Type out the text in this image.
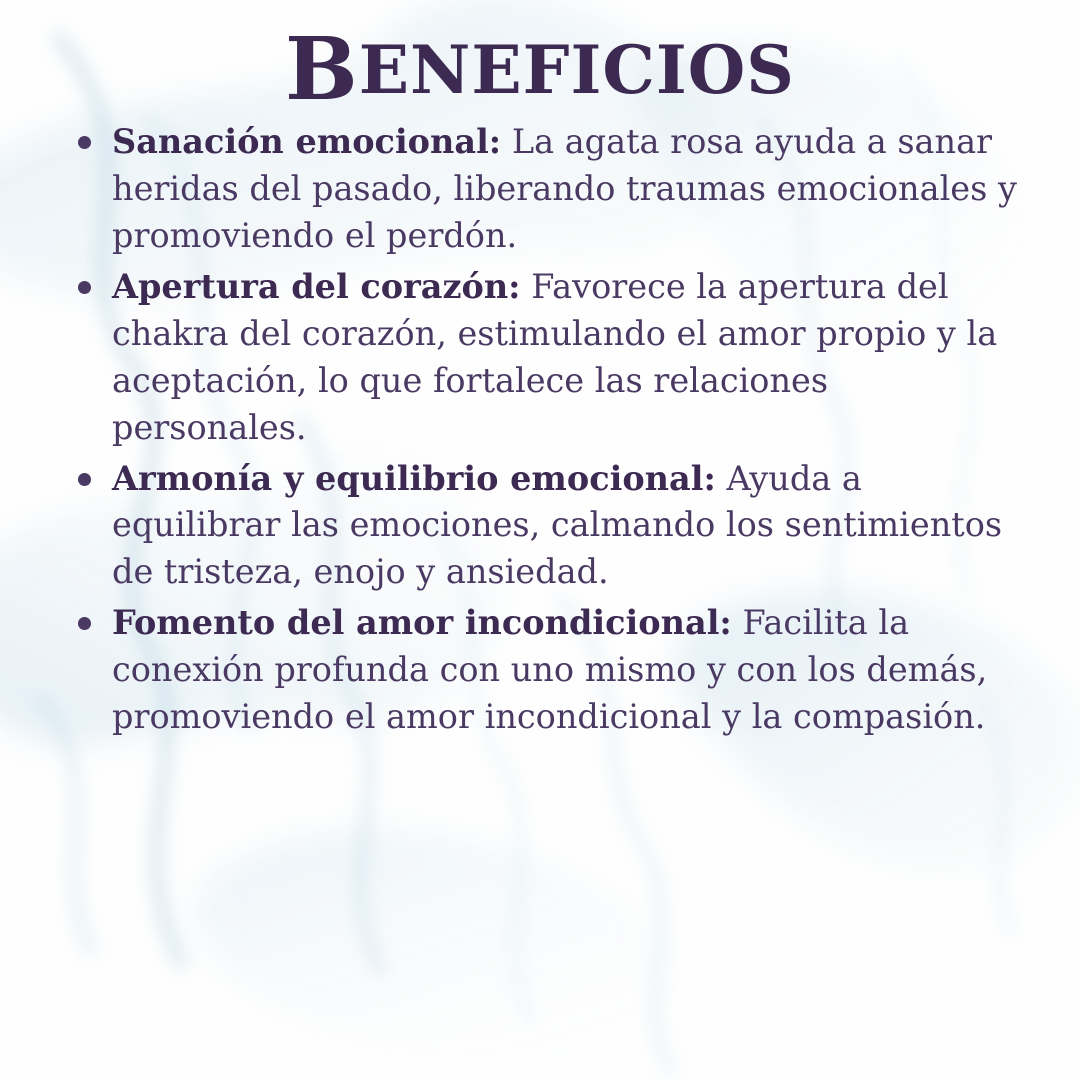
BENEFICIOS
Sanación emocional: La agata rosa ayuda a sanar heridas del pasado, liberando traumas emocionales y promoviendo el perdón.
Apertura del corazón: Favorece la apertura del chakra del corazón, estimulando el amor propio y la aceptación, lo que fortalece las relaciones personales.
Armonía y equilibrio emocional: Ayuda a equilibrar las emociones, calmando los sentimientos de tristeza, enojo y ansiedad.
Fomento del amor incondicional: Facilita la conexión profunda con uno mismo y con los demás, promoviendo el amor incondicional y la compasión.
